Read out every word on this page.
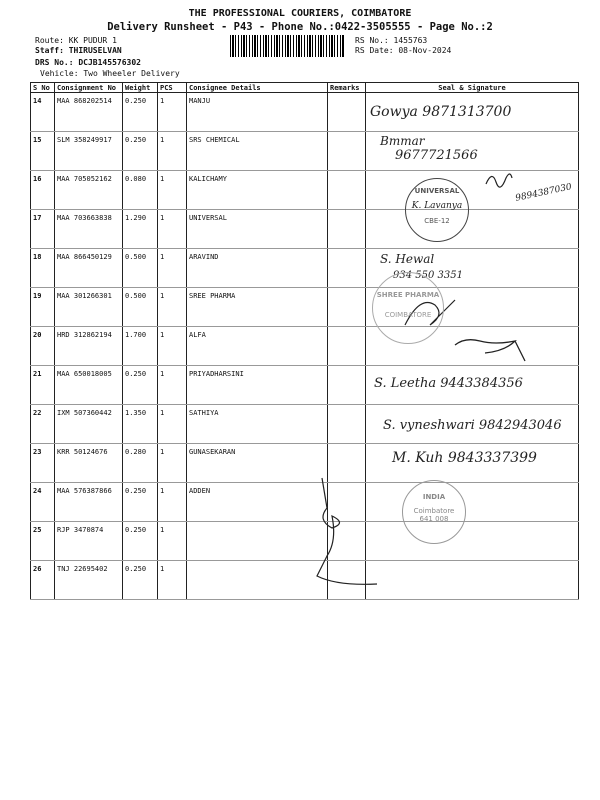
THE PROFESSIONAL COURIERS, COIMBATORE
Delivery Runsheet - P43 - Phone No.:0422-3505555 - Page No.:2
Route: KK PUDUR 1
Staff: THIRUSELVAN
DRS No.: DCJB145576302
Vehicle: Two Wheeler Delivery
RS No.: 1455763
RS Date: 08-Nov-2024
S No	Consignment No	Weight	PCS	Consignee Details	Remarks	Seal & Signature
14	MAA 868202514	0.250	1	MANJU		
15	SLM 358249917	0.250	1	SRS CHEMICAL		
16	MAA 705052162	0.080	1	KALICHAMY		
17	MAA 703663838	1.290	1	UNIVERSAL		
18	MAA 866450129	0.500	1	ARAVIND		
19	MAA 301266301	0.500	1	SREE PHARMA		
20	HRD 312862194	1.700	1	ALFA		
21	MAA 650018005	0.250	1	PRIYADHARSINI		
22	IXM 507360442	1.350	1	SATHIYA		
23	KRR 50124676	0.280	1	GUNASEKARAN		
24	MAA 576387866	0.250	1	ADDEN		
25	RJP 3470874	0.250	1			
26	TNJ 22695402	0.250	1			
Gowya 9871313700
Bmmar
9677721566
9894387030
S. Hewal
934 550 3351
S. Leetha 9443384356
S. vyneshwari 9842943046
M. Kuh 9843337399
UNIVERSAL
K. Lavanya
CBE-12
SHREE PHARMA
COIMBATORE
INDIA
Coimbatore
641 008
